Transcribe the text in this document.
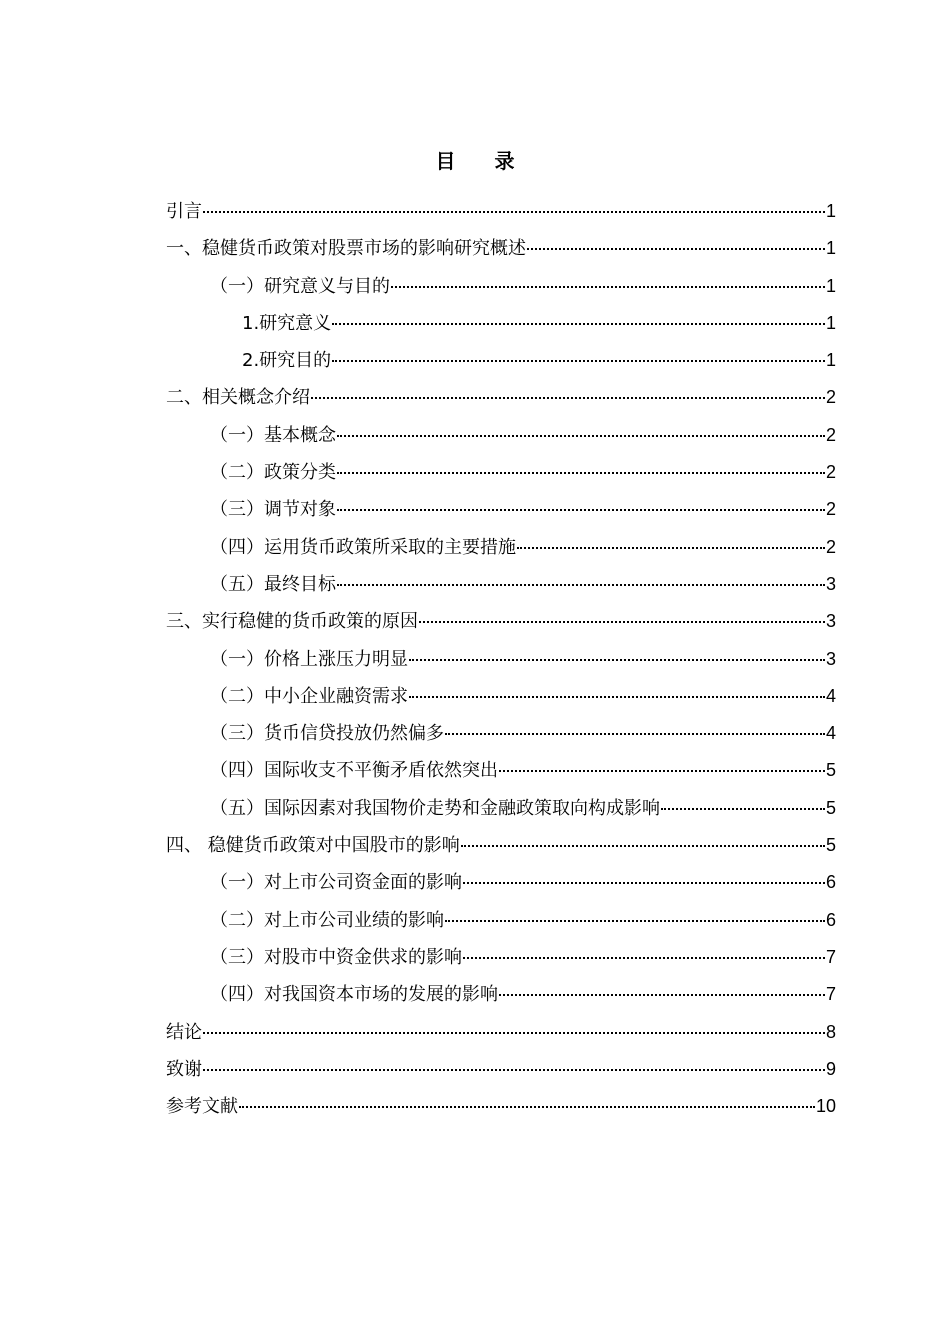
目 录
引言	1
一、稳健货币政策对股票市场的影响研究概述	1
（一）研究意义与目的	1
1.研究意义	1
2.研究目的	1
二、相关概念介绍	2
（一）基本概念	2
（二）政策分类	2
（三）调节对象	2
（四）运用货币政策所采取的主要措施	2
（五）最终目标	3
三、实行稳健的货币政策的原因	3
（一）价格上涨压力明显	3
（二）中小企业融资需求	4
（三）货币信贷投放仍然偏多	4
（四）国际收支不平衡矛盾依然突出	5
（五）国际因素对我国物价走势和金融政策取向构成影响	5
四、 稳健货币政策对中国股市的影响	5
（一）对上市公司资金面的影响	6
（二）对上市公司业绩的影响	6
（三）对股市中资金供求的影响	7
（四）对我国资本市场的发展的影响	7
结论	8
致谢	9
参考文献	10
